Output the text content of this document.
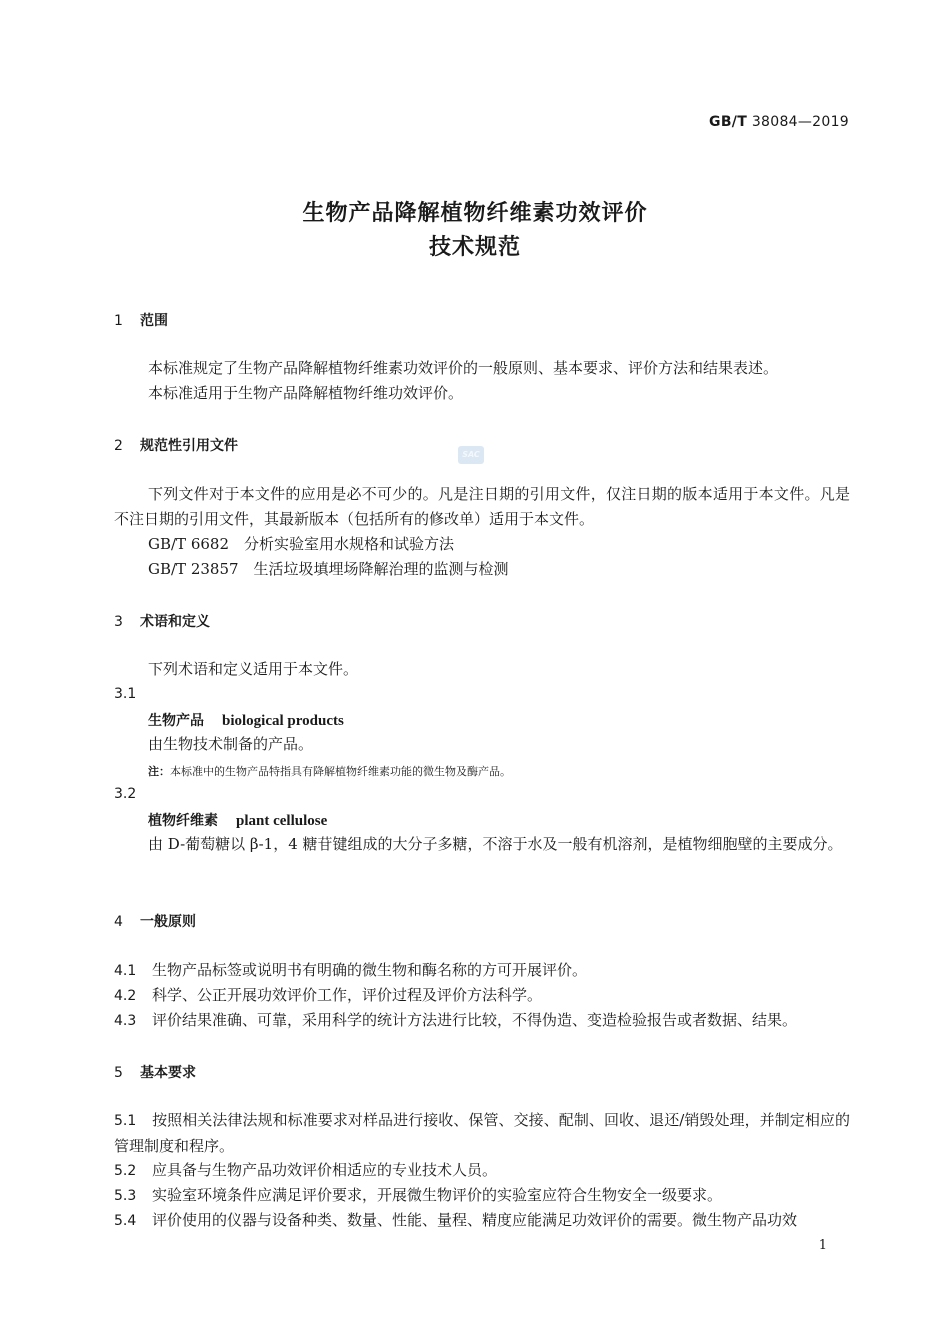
GB/T 38084—2019
生物产品降解植物纤维素功效评价
技术规范
1 范围
本标准规定了生物产品降解植物纤维素功效评价的一般原则、基本要求、评价方法和结果表述。
本标准适用于生物产品降解植物纤维功效评价。
2 规范性引用文件
SAC
下列文件对于本文件的应用是必不可少的。凡是注日期的引用文件，仅注日期的版本适用于本文件。凡是不注日期的引用文件，其最新版本（包括所有的修改单）适用于本文件。
GB/T 6682　分析实验室用水规格和试验方法
GB/T 23857　生活垃圾填埋场降解治理的监测与检测
3 术语和定义
下列术语和定义适用于本文件。
3.1
生物产品 biological products
由生物技术制备的产品。
注：本标准中的生物产品特指具有降解植物纤维素功能的微生物及酶产品。
3.2
植物纤维素 plant cellulose
由 D-葡萄糖以 β-1，4 糖苷键组成的大分子多糖，不溶于水及一般有机溶剂，是植物细胞壁的主要成分。
4 一般原则
4.1 生物产品标签或说明书有明确的微生物和酶名称的方可开展评价。
4.2 科学、公正开展功效评价工作，评价过程及评价方法科学。
4.3 评价结果准确、可靠，采用科学的统计方法进行比较，不得伪造、变造检验报告或者数据、结果。
5 基本要求
5.1 按照相关法律法规和标准要求对样品进行接收、保管、交接、配制、回收、退还/销毁处理，并制定相应的管理制度和程序。
5.2 应具备与生物产品功效评价相适应的专业技术人员。
5.3 实验室环境条件应满足评价要求，开展微生物评价的实验室应符合生物安全一级要求。
5.4 评价使用的仪器与设备种类、数量、性能、量程、精度应能满足功效评价的需要。微生物产品功效
1
